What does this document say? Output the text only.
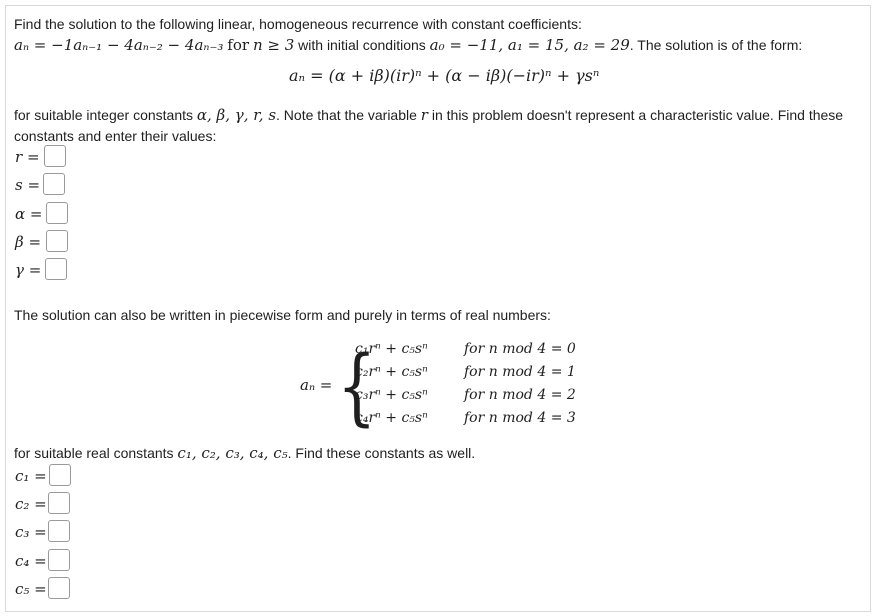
Find the solution to the following linear, homogeneous recurrence with constant coefficients:
aₙ = −1aₙ₋₁ − 4aₙ₋₂ − 4aₙ₋₃ for n ≥ 3 with initial conditions a₀ = −11, a₁ = 15, a₂ = 29. The solution is of the form:
aₙ = (α + iβ)(ir)ⁿ + (α − iβ)(−ir)ⁿ + γsⁿ
for suitable integer constants α, β, γ, r, s. Note that the variable r in this problem doesn't represent a characteristic value. Find these
constants and enter their values:
r =
s =
α =
β =
γ =
The solution can also be written in piecewise form and purely in terms of real numbers:
aₙ = {
c₁rⁿ + c₅sⁿ	for n mod 4 = 0
c₂rⁿ + c₅sⁿ	for n mod 4 = 1
c₃rⁿ + c₅sⁿ	for n mod 4 = 2
c₄rⁿ + c₅sⁿ	for n mod 4 = 3
for suitable real constants c₁, c₂, c₃, c₄, c₅. Find these constants as well.
c₁ =
c₂ =
c₃ =
c₄ =
c₅ =
